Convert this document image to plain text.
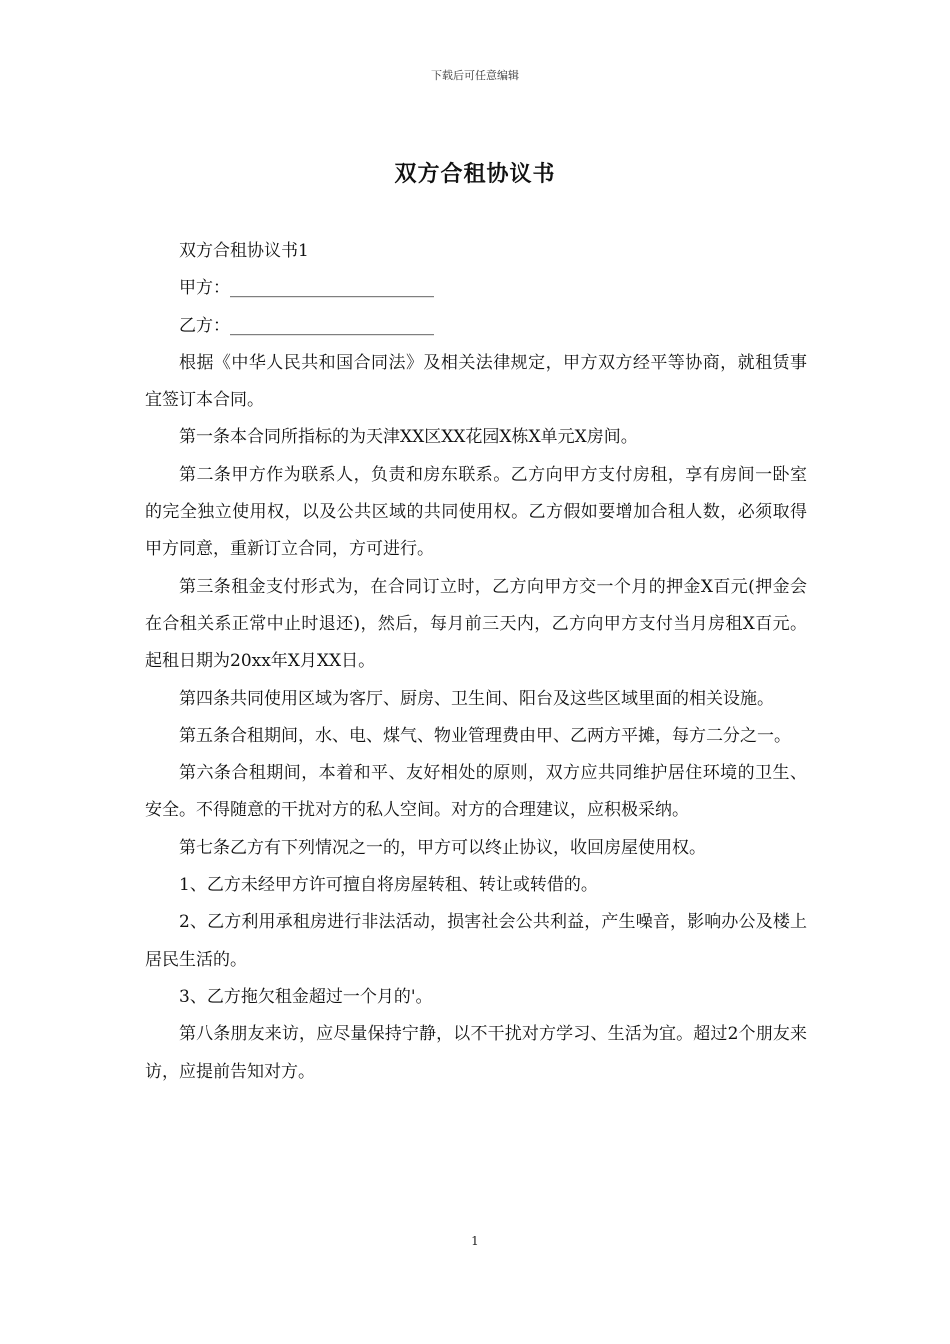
下载后可任意编辑
双方合租协议书

双方合租协议书1

甲方：________________________

乙方：________________________

根据《中华人民共和国合同法》及相关法律规定，甲方双方经平等协商，就租赁事宜签订本合同。

第一条本合同所指标的为天津XX区XX花园X栋X单元X房间。

第二条甲方作为联系人，负责和房东联系。乙方向甲方支付房租，享有房间一卧室的完全独立使用权，以及公共区域的共同使用权。乙方假如要增加合租人数，必须取得甲方同意，重新订立合同，方可进行。

第三条租金支付形式为，在合同订立时，乙方向甲方交一个月的押金X百元(押金会在合租关系正常中止时退还)，然后，每月前三天内，乙方向甲方支付当月房租X百元。起租日期为20xx年X月XX日。

第四条共同使用区域为客厅、厨房、卫生间、阳台及这些区域里面的相关设施。

第五条合租期间，水、电、煤气、物业管理费由甲、乙两方平摊，每方二分之一。

第六条合租期间，本着和平、友好相处的原则，双方应共同维护居住环境的卫生、安全。不得随意的干扰对方的私人空间。对方的合理建议，应积极采纳。

第七条乙方有下列情况之一的，甲方可以终止协议，收回房屋使用权。

1、乙方未经甲方许可擅自将房屋转租、转让或转借的。

2、乙方利用承租房进行非法活动，损害社会公共利益，产生噪音，影响办公及楼上居民生活的。

3、乙方拖欠租金超过一个月的'。

第八条朋友来访，应尽量保持宁静，以不干扰对方学习、生活为宜。超过2个朋友来访，应提前告知对方。

1
